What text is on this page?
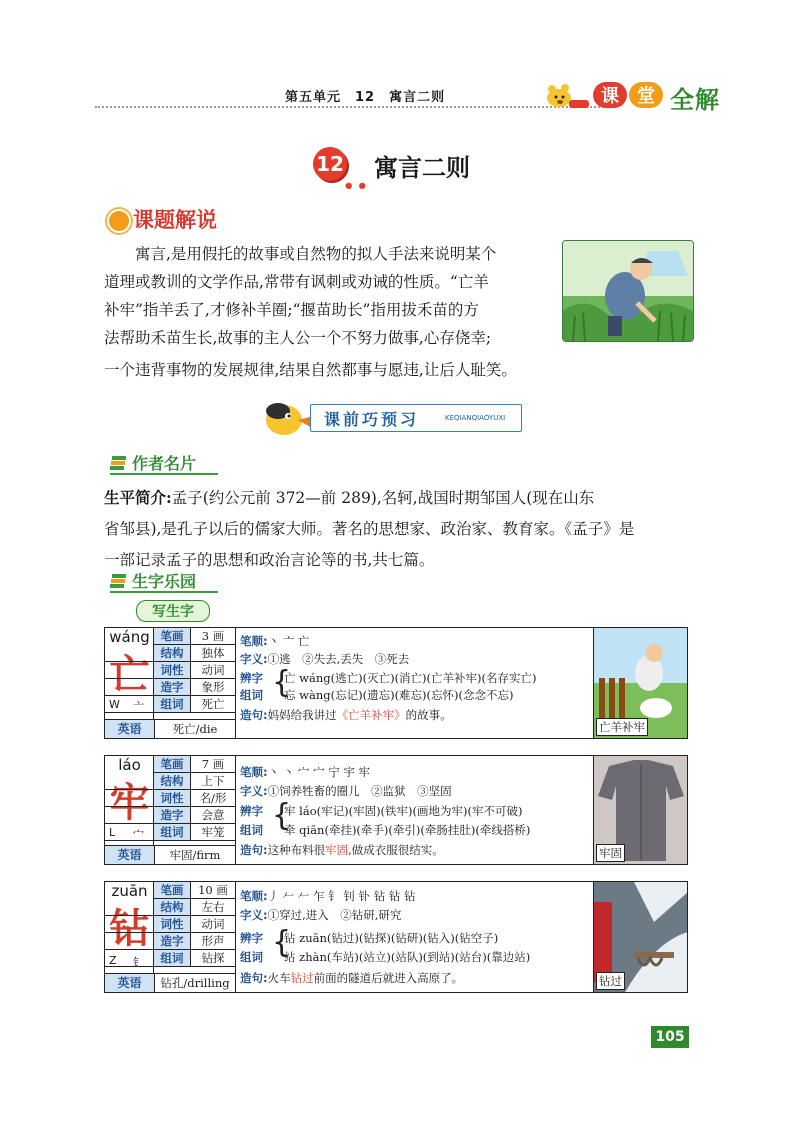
第五单元　12　寓言二则	课	堂 全解
12
••
寓言二则
课题解说
寓言,是用假托的故事或自然物的拟人手法来说明某个
道理或教训的文学作品,常带有讽刺或劝诫的性质。“亡羊
补牢”指羊丢了,才修补羊圈;“揠苗助长”指用拔禾苗的方
法帮助禾苗生长,故事的主人公一个不努力做事,心存侥幸;
一个违背事物的发展规律,结果自然都事与愿违,让后人耻笑。
课前巧预习	KEQIANQIAOYUXI
作者名片
生平简介:孟子(约公元前 372—前 289),名轲,战国时期邹国人(现在山东
省邹县),是孔子以后的儒家大师。著名的思想家、政治家、教育家。《孟子》是
一部记录孟子的思想和政治言论等的书,共七篇。
生字乐园
写生字
wáng
亡
W 亠
笔画	3 画
结构	独体
词性	动词
造字	象形
组词	死亡
英语	死亡/die
笔顺:丶 亠 亡
字义:①逃　②失去,丢失　③死去
辨字
组词 {
亡 wáng(逃亡)(灭亡)(消亡)(亡羊补牢)(名存实亡)
忘 wàng(忘记)(遗忘)(难忘)(忘怀)(念念不忘)
造句:妈妈给我讲过《亡羊补牢》的故事。
亡羊补牢
láo
牢
L 宀
笔画	7 画
结构	上下
词性	名/形
造字	会意
组词	牢笼
英语	牢固/firm
笔顺:丶 丶 宀 宀 宁 宇 牢
字义:①饲养牲畜的圈儿　②监狱　③坚固
辨字
组词 {
牢 láo(牢记)(牢固)(铁牢)(画地为牢)(牢不可破)
牵 qiān(牵挂)(牵手)(牵引)(牵肠挂肚)(牵线搭桥)
造句:这种布料很牢固,做成衣服很结实。	牢固
zuān
钻
Z 钅
笔画	10 画
结构	左右
词性	动词
造字	形声
组词	钻探
英语	钻孔/drilling
笔顺:丿 𠂉 𠂉 乍 钅 钊 钋 钻 钻 钻
字义:①穿过,进入　②钻研,研究
辨字
组词 {
钻 zuān(钻过)(钻探)(钻研)(钻入)(钻空子)
站 zhàn(车站)(站立)(站队)(到站)(站台)(靠边站)
造句:火车钻过前面的隧道后就进入高原了。	钻过
105
